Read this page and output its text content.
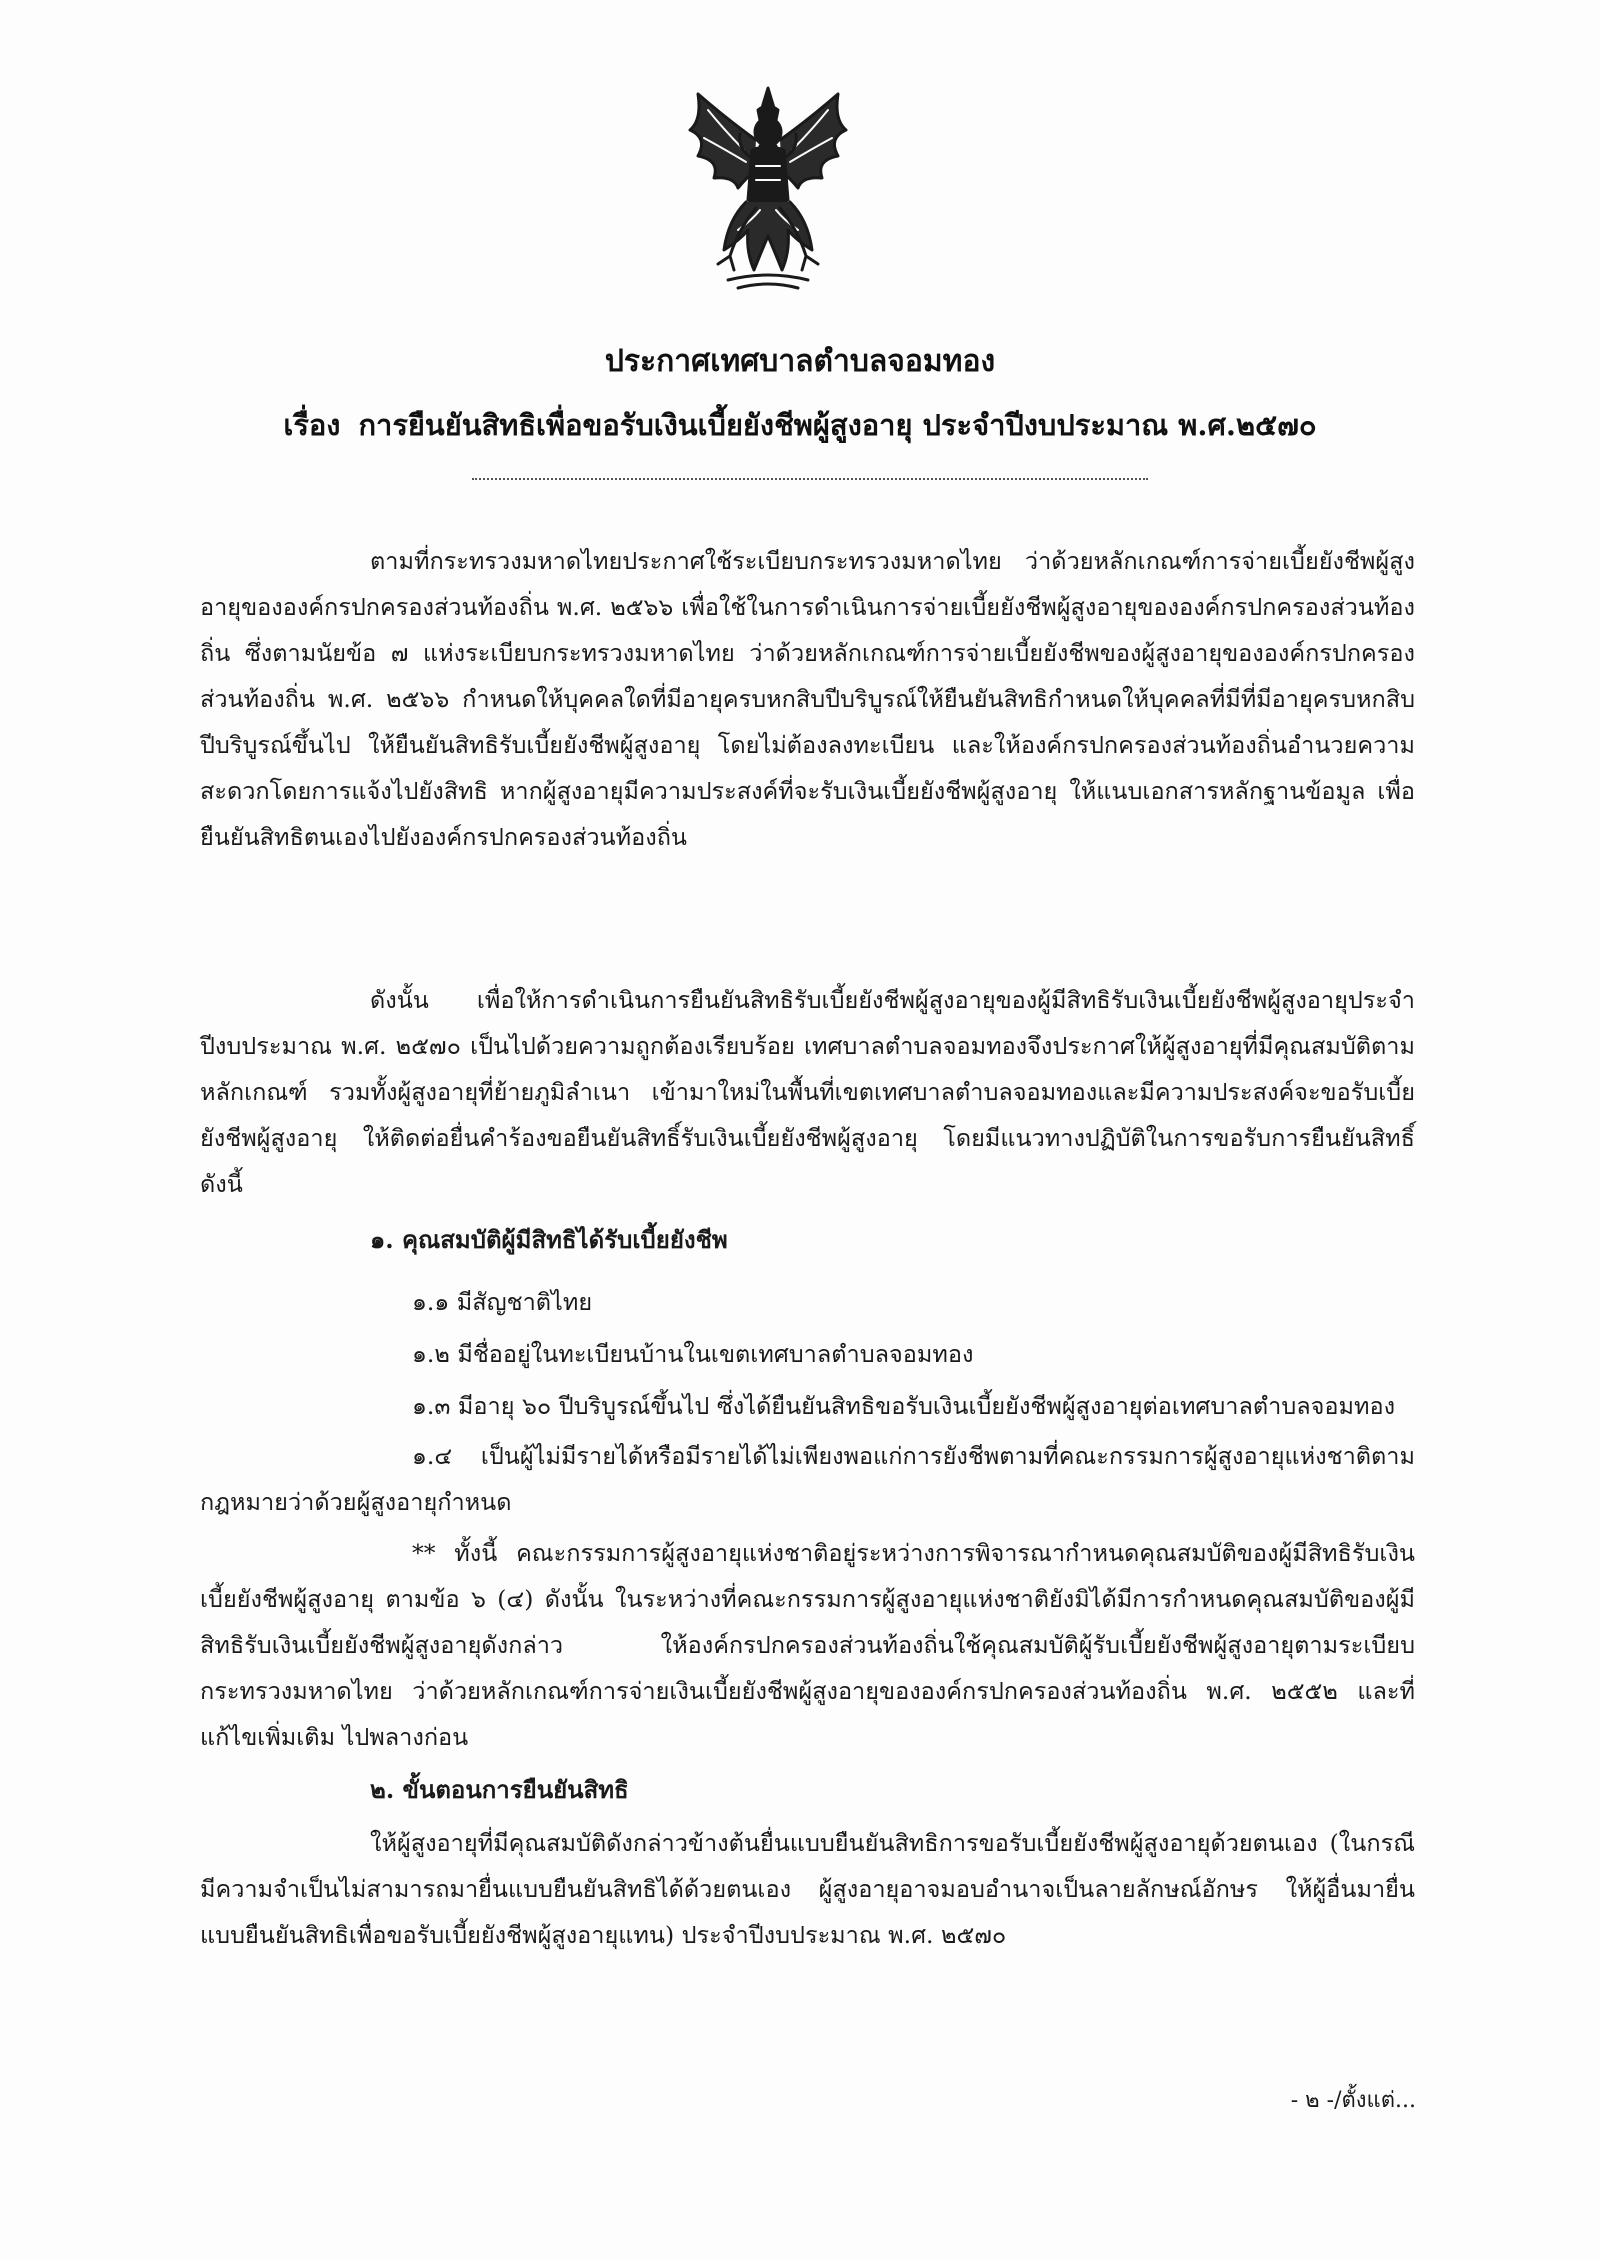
ประกาศเทศบาลตำบลจอมทอง
เรื่อง การยืนยันสิทธิเพื่อขอรับเงินเบี้ยยังชีพผู้สูงอายุ ประจำปีงบประมาณ พ.ศ.๒๕๗๐

ตามที่กระทรวงมหาดไทยประกาศใช้ระเบียบกระทรวงมหาดไทย ว่าด้วยหลักเกณฑ์การจ่ายเบี้ยยังชีพผู้สูงอายุขององค์กรปกครองส่วนท้องถิ่น พ.ศ. ๒๕๖๖ เพื่อใช้ในการดำเนินการจ่ายเบี้ยยังชีพผู้สูงอายุขององค์กรปกครองส่วนท้องถิ่น ซึ่งตามนัยข้อ ๗ แห่งระเบียบกระทรวงมหาดไทย ว่าด้วยหลักเกณฑ์การจ่ายเบี้ยยังชีพของผู้สูงอายุขององค์กรปกครองส่วนท้องถิ่น พ.ศ. ๒๕๖๖ กำหนดให้บุคคลใดที่มีอายุครบหกสิบปีบริบูรณ์ให้ยืนยันสิทธิกำหนดให้บุคคลที่มีที่มีอายุครบหกสิบปีบริบูรณ์ขึ้นไป ให้ยืนยันสิทธิรับเบี้ยยังชีพผู้สูงอายุ โดยไม่ต้องลงทะเบียน และให้องค์กรปกครองส่วนท้องถิ่นอำนวยความสะดวกโดยการแจ้งไปยังสิทธิ หากผู้สูงอายุมีความประสงค์ที่จะรับเงินเบี้ยยังชีพผู้สูงอายุ ให้แนบเอกสารหลักฐานข้อมูล เพื่อยืนยันสิทธิตนเองไปยังองค์กรปกครองส่วนท้องถิ่น

ดังนั้น เพื่อให้การดำเนินการยืนยันสิทธิรับเบี้ยยังชีพผู้สูงอายุของผู้มีสิทธิรับเงินเบี้ยยังชีพผู้สูงอายุประจำปีงบประมาณ พ.ศ. ๒๕๗๐ เป็นไปด้วยความถูกต้องเรียบร้อย เทศบาลตำบลจอมทองจึงประกาศให้ผู้สูงอายุที่มีคุณสมบัติตามหลักเกณฑ์ รวมทั้งผู้สูงอายุที่ย้ายภูมิลำเนา เข้ามาใหม่ในพื้นที่เขตเทศบาลตำบลจอมทองและมีความประสงค์จะขอรับเบี้ยยังชีพผู้สูงอายุ ให้ติดต่อยื่นคำร้องขอยืนยันสิทธิ์รับเงินเบี้ยยังชีพผู้สูงอายุ โดยมีแนวทางปฏิบัติในการขอรับการยืนยันสิทธิ์ ดังนี้

๑. คุณสมบัติผู้มีสิทธิได้รับเบี้ยยังชีพ

๑.๑ มีสัญชาติไทย

๑.๒ มีชื่ออยู่ในทะเบียนบ้านในเขตเทศบาลตำบลจอมทอง

๑.๓ มีอายุ ๖๐ ปีบริบูรณ์ขึ้นไป ซึ่งได้ยืนยันสิทธิขอรับเงินเบี้ยยังชีพผู้สูงอายุต่อเทศบาลตำบลจอมทอง

๑.๔ เป็นผู้ไม่มีรายได้หรือมีรายได้ไม่เพียงพอแก่การยังชีพตามที่คณะกรรมการผู้สูงอายุแห่งชาติตามกฎหมายว่าด้วยผู้สูงอายุกำหนด

** ทั้งนี้ คณะกรรมการผู้สูงอายุแห่งชาติอยู่ระหว่างการพิจารณากำหนดคุณสมบัติของผู้มีสิทธิรับเงิน เบี้ยยังชีพผู้สูงอายุ ตามข้อ ๖ (๔) ดังนั้น ในระหว่างที่คณะกรรมการผู้สูงอายุแห่งชาติยังมิได้มีการกำหนดคุณสมบัติของผู้มีสิทธิรับเงินเบี้ยยังชีพผู้สูงอายุดังกล่าว ให้องค์กรปกครองส่วนท้องถิ่นใช้คุณสมบัติผู้รับเบี้ยยังชีพผู้สูงอายุตามระเบียบกระทรวงมหาดไทย ว่าด้วยหลักเกณฑ์การจ่ายเงินเบี้ยยังชีพผู้สูงอายุขององค์กรปกครองส่วนท้องถิ่น พ.ศ. ๒๕๕๒ และที่แก้ไขเพิ่มเติม ไปพลางก่อน

๒. ขั้นตอนการยืนยันสิทธิ

ให้ผู้สูงอายุที่มีคุณสมบัติดังกล่าวข้างต้นยื่นแบบยืนยันสิทธิการขอรับเบี้ยยังชีพผู้สูงอายุด้วยตนเอง (ในกรณี มีความจำเป็นไม่สามารถมายื่นแบบยืนยันสิทธิได้ด้วยตนเอง ผู้สูงอายุอาจมอบอำนาจเป็นลายลักษณ์อักษร ให้ผู้อื่นมายื่นแบบยืนยันสิทธิเพื่อขอรับเบี้ยยังชีพผู้สูงอายุแทน) ประจำปีงบประมาณ พ.ศ. ๒๕๗๐

- ๒ -/ตั้งแต่...
